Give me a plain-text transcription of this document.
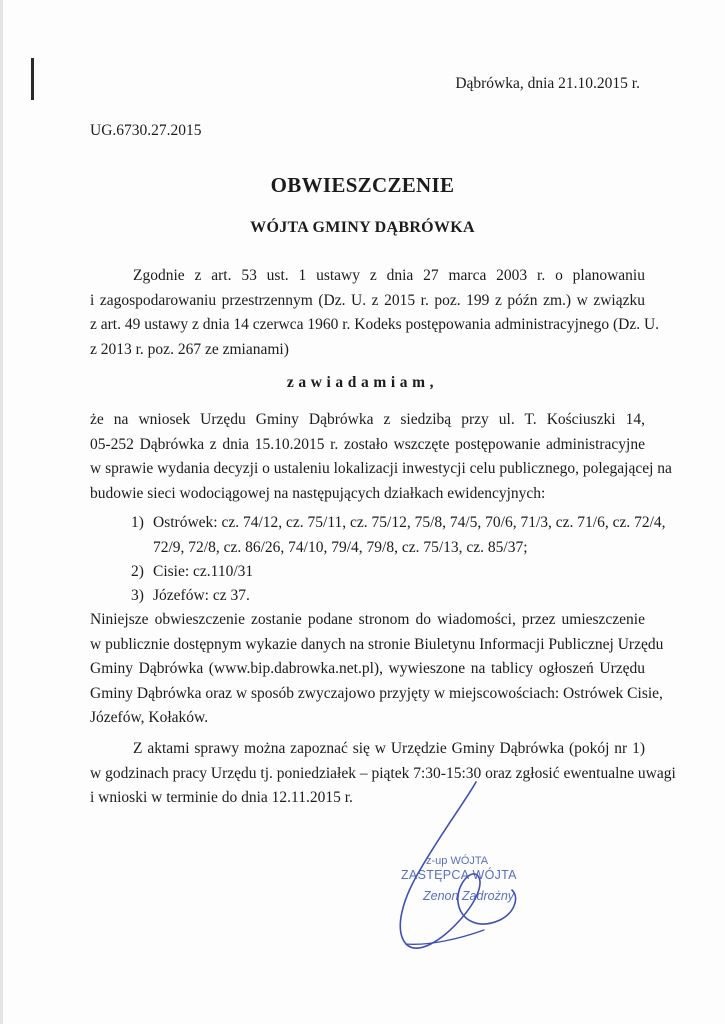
Dąbrówka, dnia 21.10.2015 r.
UG.6730.27.2015
OBWIESZCZENIE
WÓJTA GMINY DĄBRÓWKA
Zgodnie z art. 53 ust. 1 ustawy z dnia 27 marca 2003 r. o planowaniu
i zagospodarowaniu przestrzennym (Dz. U. z 2015 r. poz. 199 z późn zm.) w związku
z art. 49 ustawy z dnia 14 czerwca 1960 r. Kodeks postępowania administracyjnego (Dz. U.
z 2013 r. poz. 267 ze zmianami)
zawiadamiam,
że na wniosek Urzędu Gminy Dąbrówka z siedzibą przy ul. T. Kościuszki 14,
05-252 Dąbrówka z dnia 15.10.2015 r. zostało wszczęte postępowanie administracyjne
w sprawie wydania decyzji o ustaleniu lokalizacji inwestycji celu publicznego, polegającej na
budowie sieci wodociągowej na następujących działkach ewidencyjnych:
1) Ostrówek: cz. 74/12, cz. 75/11, cz. 75/12, 75/8, 74/5, 70/6, 71/3, cz. 71/6, cz. 72/4,
72/9, 72/8, cz. 86/26, 74/10, 79/4, 79/8, cz. 75/13, cz. 85/37;
2) Cisie: cz.110/31
3) Józefów: cz 37.
Niniejsze obwieszczenie zostanie podane stronom do wiadomości, przez umieszczenie
w publicznie dostępnym wykazie danych na stronie Biuletynu Informacji Publicznej Urzędu
Gminy Dąbrówka (www.bip.dabrowka.net.pl), wywieszone na tablicy ogłoszeń Urzędu
Gminy Dąbrówka oraz w sposób zwyczajowo przyjęty w miejscowościach: Ostrówek Cisie,
Józefów, Kołaków.
Z aktami sprawy można zapoznać się w Urzędzie Gminy Dąbrówka (pokój nr 1)
w godzinach pracy Urzędu tj. poniedziałek – piątek 7:30-15:30 oraz zgłosić ewentualne uwagi
i wnioski w terminie do dnia 12.11.2015 r.
z-up WÓJTA
ZASTĘPCA WÓJTA
Zenon Zadrożny
